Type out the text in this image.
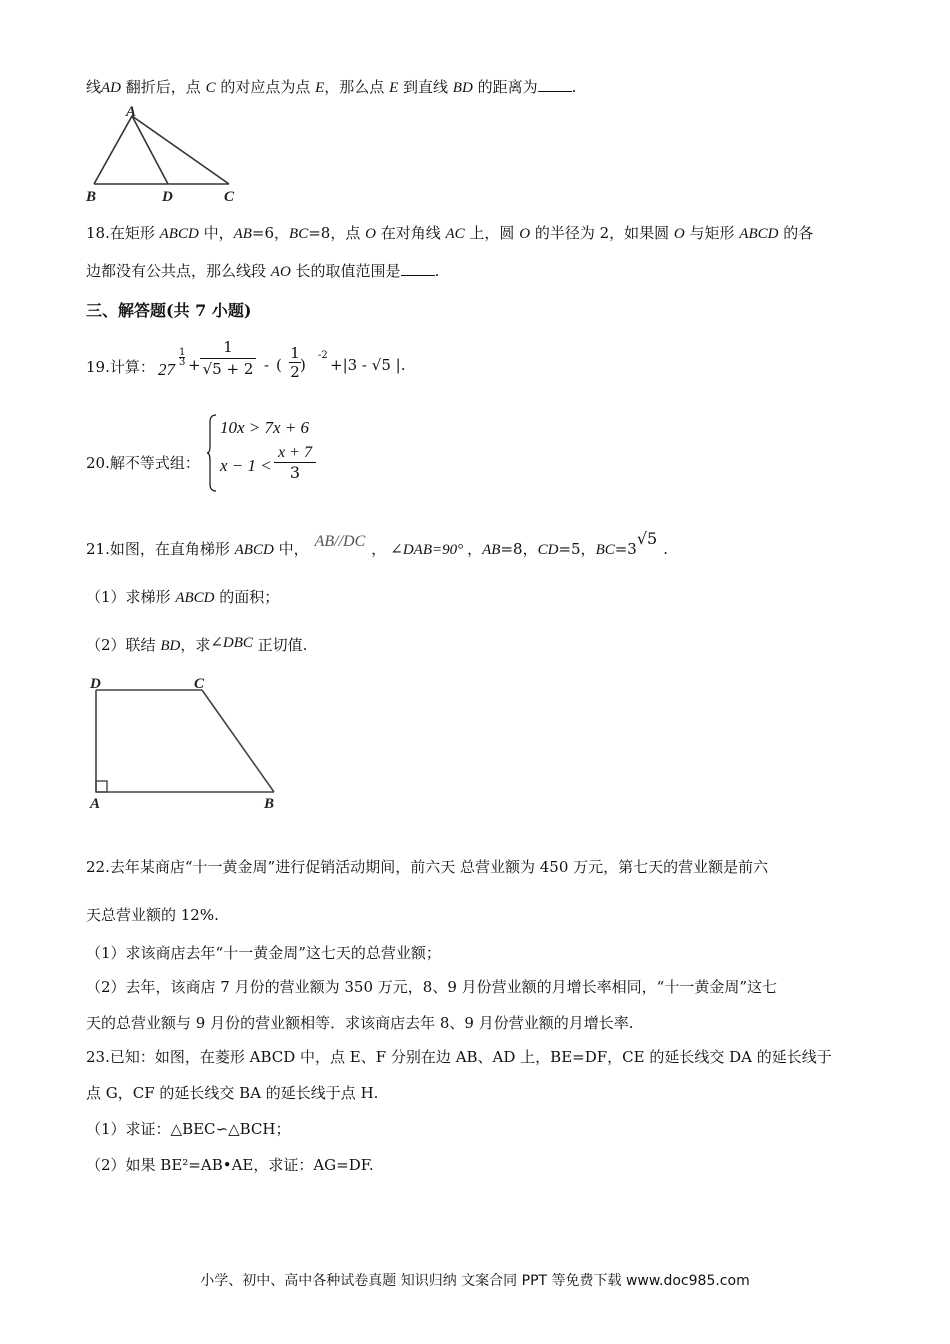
线AD 翻折后，点 C 的对应点为点 E，那么点 E 到直线 BD 的距离为 .
A
B	D	C
18.在矩形 ABCD 中，AB=6，BC=8，点 O 在对角线 AC 上，圆 O 的半径为 2，如果圆 O 与矩形 ABCD 的各
边都没有公共点，那么线段 AO 长的取值范围是 .
三、解答题(共 7 小题)
19.计算： 27
$\frac{1}{3} + \frac{1}{√5 + 2}$ - ( $\frac{1}{2}$ )
-2
+|3 - √5 |.
20.解不等式组：
10x > 7x + 6
$x - 1 < \frac{x + 7}{3}$
21.如图，在直角梯形 ABCD 中， AB//DC ， ∠DAB=90° ，AB=8，CD=5，BC=3√5.
（1）求梯形 ABCD 的面积；
（2）联结 BD，求∠DBC 正切值.
D	C
A	B
22.去年某商店“十一黄金周”进行促销活动期间，前六天 总营业额为 450 万元，第七天的营业额是前六
天总营业额的 12%.
（1）求该商店去年“十一黄金周”这七天的总营业额；
（2）去年，该商店 7 月份的营业额为 350 万元，8、9 月份营业额的月增长率相同，“十一黄金周”这七
天的总营业额与 9 月份的营业额相等．求该商店去年 8、9 月份营业额的月增长率.
23.已知：如图，在菱形 ABCD 中，点 E、F 分别在边 AB、AD 上，BE=DF，CE 的延长线交 DA 的延长线于
点 G，CF 的延长线交 BA 的延长线于点 H.
（1）求证：△BEC∽△BCH；
（2）如果 BE²=AB•AE，求证：AG=DF.
小学、初中、高中各种试卷真题 知识归纳 文案合同 PPT 等免费下载 www.doc985.com
